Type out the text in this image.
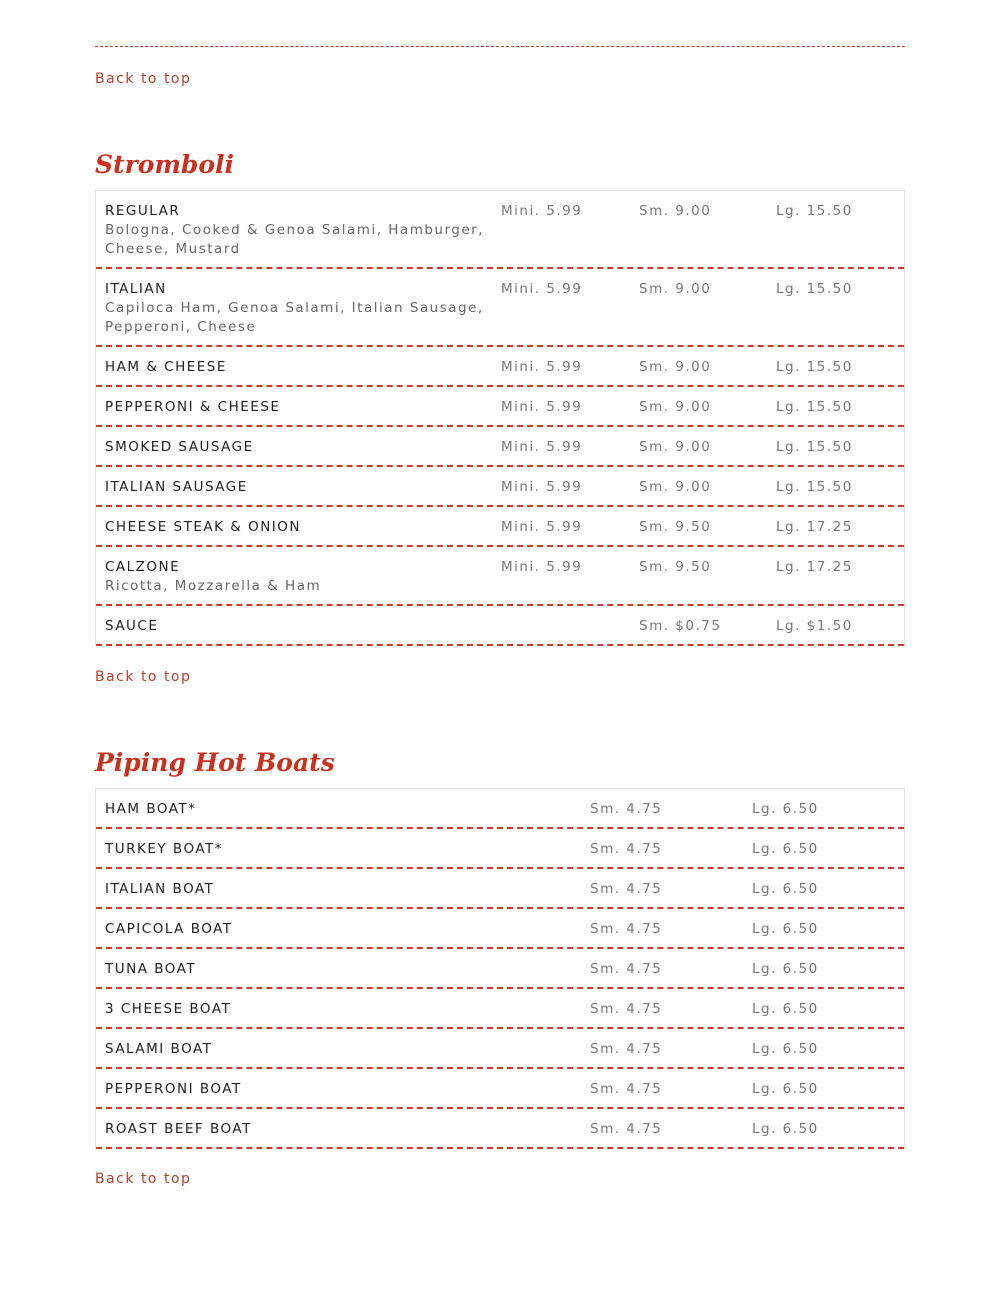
Back to top
Stromboli
REGULAR
Bologna, Cooked & Genoa Salami, Hamburger, Cheese, Mustard
Mini. 5.99	Sm. 9.00	Lg. 15.50
ITALIAN
Capiloca Ham, Genoa Salami, Italian Sausage, Pepperoni, Cheese
Mini. 5.99	Sm. 9.00	Lg. 15.50
HAM & CHEESE	Mini. 5.99	Sm. 9.00	Lg. 15.50
PEPPERONI & CHEESE	Mini. 5.99	Sm. 9.00	Lg. 15.50
SMOKED SAUSAGE	Mini. 5.99	Sm. 9.00	Lg. 15.50
ITALIAN SAUSAGE	Mini. 5.99	Sm. 9.00	Lg. 15.50
CHEESE STEAK & ONION	Mini. 5.99	Sm. 9.50	Lg. 17.25
CALZONE
Ricotta, Mozzarella & Ham
Mini. 5.99	Sm. 9.50	Lg. 17.25
SAUCE	Sm. $0.75	Lg. $1.50
Back to top
Piping Hot Boats
HAM BOAT*	Sm. 4.75	Lg. 6.50
TURKEY BOAT*	Sm. 4.75	Lg. 6.50
ITALIAN BOAT	Sm. 4.75	Lg. 6.50
CAPICOLA BOAT	Sm. 4.75	Lg. 6.50
TUNA BOAT	Sm. 4.75	Lg. 6.50
3 CHEESE BOAT	Sm. 4.75	Lg. 6.50
SALAMI BOAT	Sm. 4.75	Lg. 6.50
PEPPERONI BOAT	Sm. 4.75	Lg. 6.50
ROAST BEEF BOAT	Sm. 4.75	Lg. 6.50
Back to top
